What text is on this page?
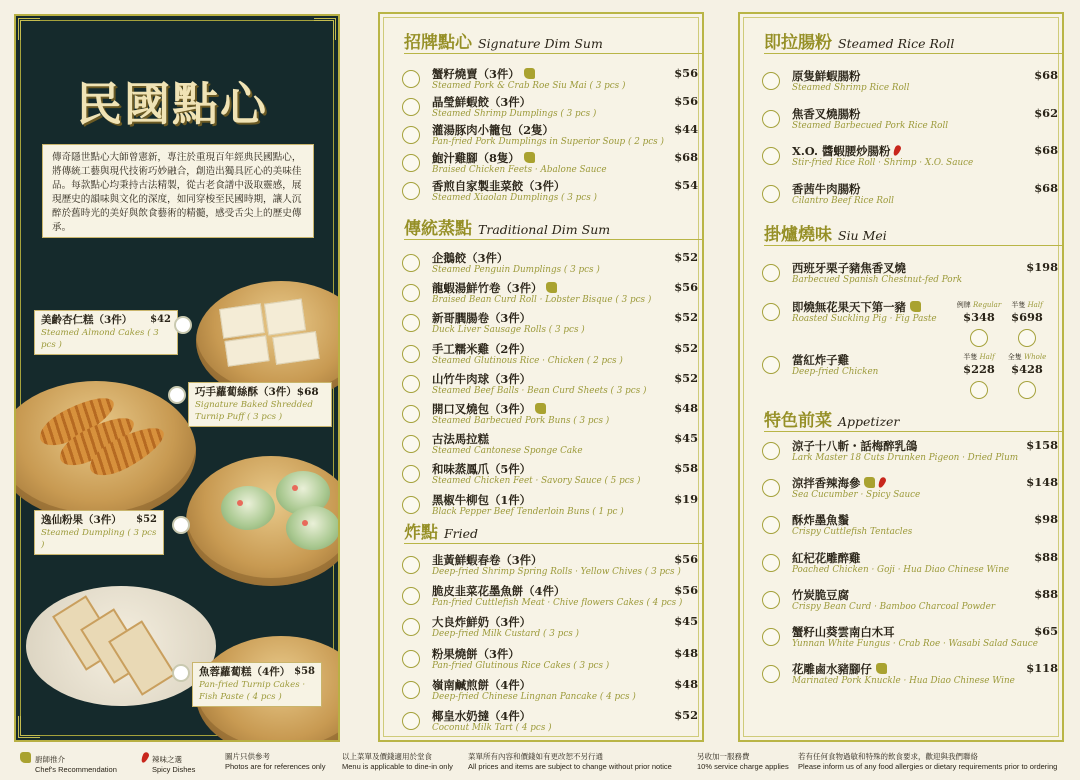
民國點心
傳奇隱世點心大師曾憲新，專注於重現百年經典民國點心，將傳統工藝與現代技術巧妙融合，創造出獨具匠心的美味佳品。每款點心均秉持古法精製，從古老食譜中汲取靈感，展現歷史的韻味與文化的深度，如同穿梭至民國時期，讓人沉醉於舊時光的美好與飲食藝術的精髓，感受舌尖上的歷史傳承。
美齡杏仁糕（3件） $42

Steamed Almond Cakes ( 3 pcs )
巧手蘿蔔絲酥（3件）$68
Signature Baked Shredded Turnip Puff ( 3 pcs )
逸仙粉果（3件） $52

Steamed Dumpling ( 3 pcs )
魚蓉蘿蔔糕（4件） $58

Pan-fried Turnip Cakes · Fish Paste ( 4 pcs )
招牌點心 Signature Dim Sum
蟹籽燒賣（3件）
Steamed Pork & Crab Roe Siu Mai ( 3 pcs )
$56
晶瑩鮮蝦餃（3件）
Steamed Shrimp Dumplings ( 3 pcs )
$56
灌湯豚肉小籠包（2隻）
Pan-fried Pork Dumplings in Superior Soup ( 2 pcs )
$44
鮑汁雞腳（8隻）
Braised Chicken Feets · Abalone Sauce
$68
香煎自家製韭菜餃（3件）
Steamed Xiaolan Dumplings ( 3 pcs )
$54
傳統蒸點 Traditional Dim Sum
企鵝餃（3件）
Steamed Penguin Dumplings ( 3 pcs )
$52
龍蝦湯鮮竹卷（3件）
Braised Bean Curd Roll · Lobster Bisque ( 3 pcs )
$56
新哥膶腸卷（3件）
Duck Liver Sausage Rolls ( 3 pcs )
$52
手工糯米雞（2件）
Steamed Glutinous Rice · Chicken ( 2 pcs )
$52
山竹牛肉球（3件）
Steamed Beef Balls · Bean Curd Sheets ( 3 pcs )
$52
開口叉燒包（3件）
Steamed Barbecued Pork Buns ( 3 pcs )
$48
古法馬拉糕
Steamed Cantonese Sponge Cake
$45
和味蒸鳳爪（5件）
Steamed Chicken Feet · Savory Sauce ( 5 pcs )
$58
黑椒牛柳包（1件）
Black Pepper Beef Tenderloin Buns ( 1 pc )
$19
炸點 Fried
韭黃鮮蝦春卷（3件）
Deep-fried Shrimp Spring Rolls · Yellow Chives ( 3 pcs )
$56
脆皮韭菜花墨魚餅（4件）
Pan-fried Cuttlefish Meat · Chive flowers Cakes ( 4 pcs )
$56
大良炸鮮奶（3件）
Deep-fried Milk Custard ( 3 pcs )
$45
粉果燒餅（3件）
Pan-fried Glutinous Rice Cakes ( 3 pcs )
$48
嶺南鹹煎餅（4件）
Deep-fried Chinese Lingnan Pancake ( 4 pcs )
$48
椰皇水奶撻（4件）
Coconut Milk Tart ( 4 pcs )
$52
即拉腸粉 Steamed Rice Roll
原隻鮮蝦腸粉
Steamed Shrimp Rice Roll
$68
焦香叉燒腸粉
Steamed Barbecued Pork Rice Roll
$62
X.O. 醬蝦腰炒腸粉
Stir-fried Rice Roll · Shrimp · X.O. Sauce
$68
香茜牛肉腸粉
Cilantro Beef Rice Roll
$68
掛爐燒味 Siu Mei
西班牙栗子豬焦香叉燒
Barbecued Spanish Chestnut-fed Pork
$198
即燒無花果天下第一豬
Roasted Suckling Pig · Fig Paste
當紅炸子雞
Deep-fried Chicken
例牌 Regular
$348
半隻 Half
$698
半隻 Half
$228
全隻 Whole
$428
特色前菜 Appetizer
涼子十八斬・話梅醉乳鴿
Lark Master 18 Cuts Drunken Pigeon · Dried Plum
$158
涼拌香辣海參
Sea Cucumber · Spicy Sauce
$148
酥炸墨魚鬚
Crispy Cuttlefish Tentacles
$98
紅杞花雕醉雞
Poached Chicken · Goji · Hua Diao Chinese Wine
$88
竹炭脆豆腐
Crispy Bean Curd · Bamboo Charcoal Powder
$88
蟹籽山葵雲南白木耳
Yunnan White Fungus · Crab Roe · Wasabi Salad Sauce
$65
花雕鹵水豬腳仔
Marinated Pork Knuckle · Hua Diao Chinese Wine
$118
廚師推介
Chef's Recommendation
辣味之選
Spicy Dishes
圖片只供參考
Photos are for references only
以上菜單及價錢適用於堂食
Menu is applicable to dine-in only
菜單所有內容和價錢如有更改恕不另行通
All prices and items are subject to change without prior notice
另收加一服務費
10% service charge applies
若有任何食物過敏和特殊的飲食要求，歡迎與我們聯絡
Please inform us of any food allergies or dietary requirements prior to ordering
